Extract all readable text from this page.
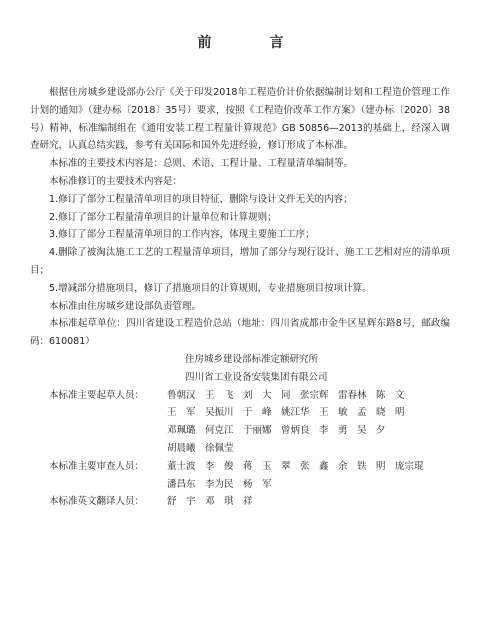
前　言
根据住房城乡建设部办公厅《关于印发2018年工程造价计价依据编制计划和工程造价管理工作计划的通知》（建办标〔2018〕35号）要求，按照《工程造价改革工作方案》（建办标〔2020〕38号）精神，标准编制组在《通用安装工程工程量计算规范》GB 50856—2013的基础上，经深入调查研究，认真总结实践，参考有关国际和国外先进经验，修订形成了本标准。
本标准的主要技术内容是：总则、术语、工程计量、工程量清单编制等。
本标准修订的主要技术内容是：
1.修订了部分工程量清单项目的项目特征，删除与设计文件无关的内容；
2.修订了部分工程量清单项目的计量单位和计算规则；
3.修订了部分工程量清单项目的工作内容，体现主要施工工序；
4.删除了被淘汰施工工艺的工程量清单项目，增加了部分与现行设计、施工工艺相对应的清单项目；
5.增减部分措施项目，修订了措施项目的计算规则，专业措施项目按项计算。
本标准由住房城乡建设部负责管理。
本标准起草单位：四川省建设工程造价总站（地址：四川省成都市金牛区星辉东路8号，邮政编码：610081）
住房城乡建设部标准定额研究所
四川省工业设备安装集团有限公司
本标准主要起草人员：	鲁朝汉　王　飞　刘　大　同　张宗辉　雷春林　陈　文
王　军　吴振川　于　峰　姚江华　王　敏　孟　晓　明
邓珮璐　何克江　于丽娜　曾炳良　李　勇　吴　夕
胡晨曦　徐佩莹
本标准主要审查人员：	董士波　李　俊　蒋　玉　翠　张　鑫　余　铁　明　庞宗琨
潘昌东　李为民　杨　军
本标准英文翻译人员：	舒　宇　邓　琪　祥
